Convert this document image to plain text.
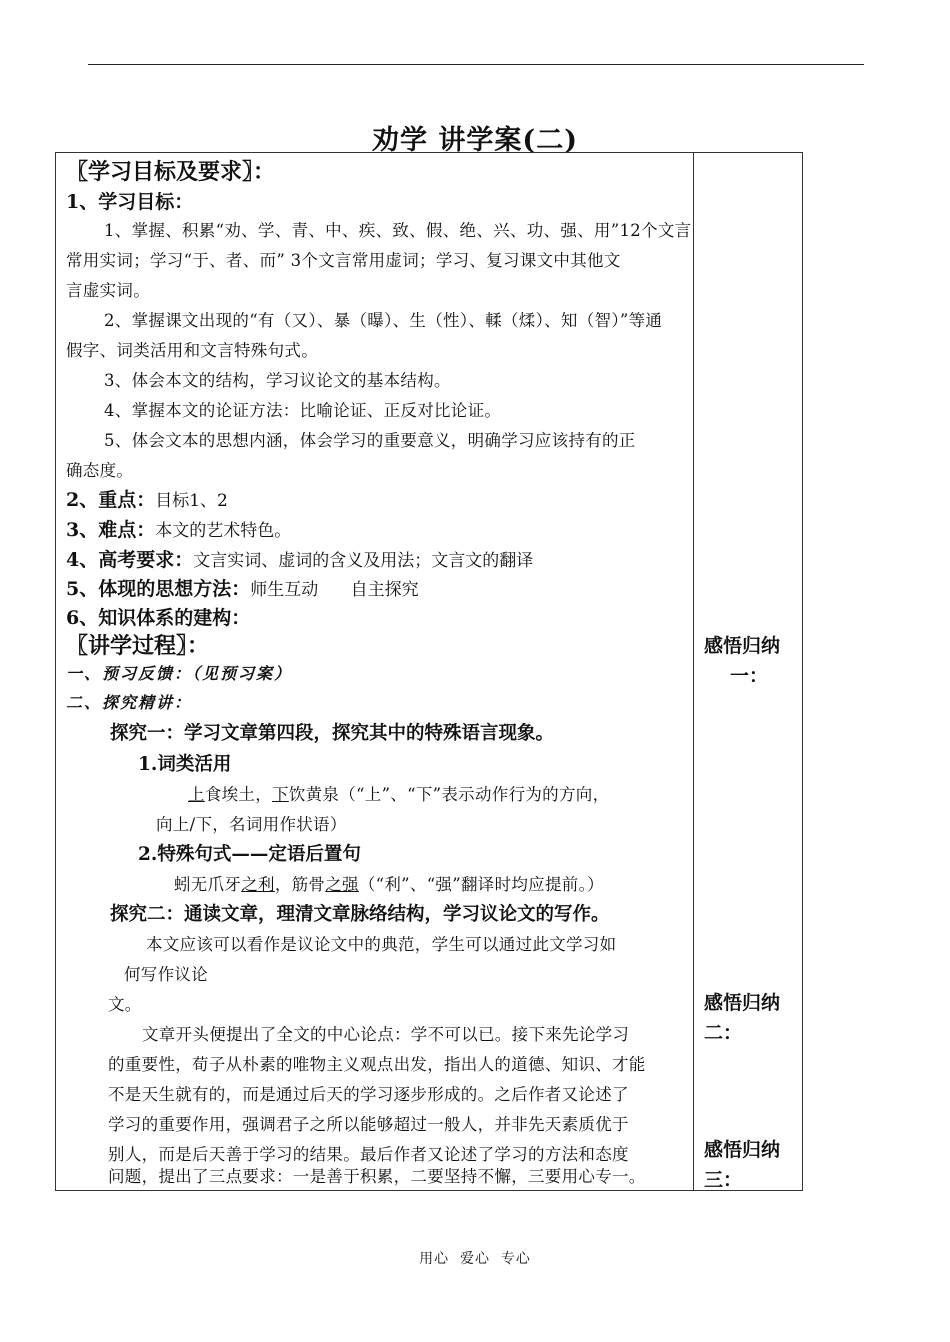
劝学 讲学案(二)
〖学习目标及要求〗：
1、学习目标：
1、掌握、积累“劝、学、青、中、疾、致、假、绝、兴、功、强、用”12个文言
常用实词；学习“于、者、而” 3个文言常用虚词；学习、复习课文中其他文
言虚实词。
2、掌握课文出现的“有（又）、暴（曝）、生（性）、輮（煣）、知（智）”等通
假字、词类活用和文言特殊句式。
3、体会本文的结构，学习议论文的基本结构。
4、掌握本文的论证方法：比喻论证、正反对比论证。
5、体会文本的思想内涵，体会学习的重要意义，明确学习应该持有的正
确态度。
2、重点：目标1、2
3、难点：本文的艺术特色。
4、高考要求：文言实词、虚词的含义及用法；文言文的翻译
5、体现的思想方法：师生互动      自主探究
6、知识体系的建构：
〖讲学过程〗：
一、预习反馈：（见预习案）
二、探究精讲：
探究一：学习文章第四段，探究其中的特殊语言现象。
1.词类活用
上食埃土，下饮黄泉（“上”、“下”表示动作行为的方向，
向上/下，名词用作状语）
2.特殊句式——定语后置句
蚓无爪牙之利，筋骨之强（“利”、“强”翻译时均应提前。）
探究二：通读文章，理清文章脉络结构，学习议论文的写作。
本文应该可以看作是议论文中的典范，学生可以通过此文学习如
何写作议论
文。
文章开头便提出了全文的中心论点：学不可以已。接下来先论学习
的重要性，荀子从朴素的唯物主义观点出发，指出人的道德、知识、才能
不是天生就有的，而是通过后天的学习逐步形成的。之后作者又论述了
学习的重要作用，强调君子之所以能够超过一般人，并非先天素质优于
别人，而是后天善于学习的结果。最后作者又论述了学习的方法和态度
问题，提出了三点要求：一是善于积累，二要坚持不懈，三要用心专一。
感悟归纳
一：
感悟归纳
二：
感悟归纳
三：
用心  爱心  专心
